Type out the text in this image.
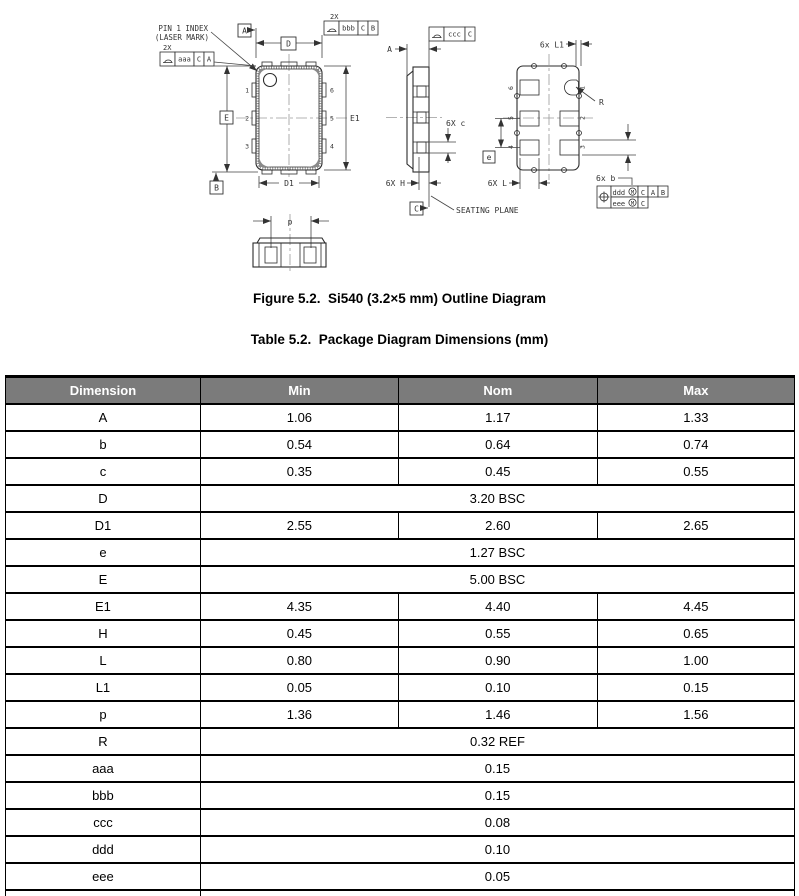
1
2
3
6
5
4
PIN 1 INDEX
(LASER MARK)
D
A
2X
aaa C A
2X
bbb C B
E
B
E1
D1
p
A
ccc C
6X c
6X H
C	SEATING PLANE
6
5
4
1
2
3
R
6x L1
e
6X L
6x b
ddd M C A B
eee M C
Figure 5.2.  Si540 (3.2×5 mm) Outline Diagram
Table 5.2.  Package Diagram Dimensions (mm)
Dimension	Min	Nom	Max
A	1.06	1.17	1.33
b	0.54	0.64	0.74
c	0.35	0.45	0.55
D	3.20 BSC		
D1	2.55	2.60	2.65
e	1.27 BSC		
E	5.00 BSC		
E1	4.35	4.40	4.45
H	0.45	0.55	0.65
L	0.80	0.90	1.00
L1	0.05	0.10	0.15
p	1.36	1.46	1.56
R	0.32 REF		
aaa	0.15		
bbb	0.15		
ccc	0.08		
ddd	0.10		
eee	0.05		
